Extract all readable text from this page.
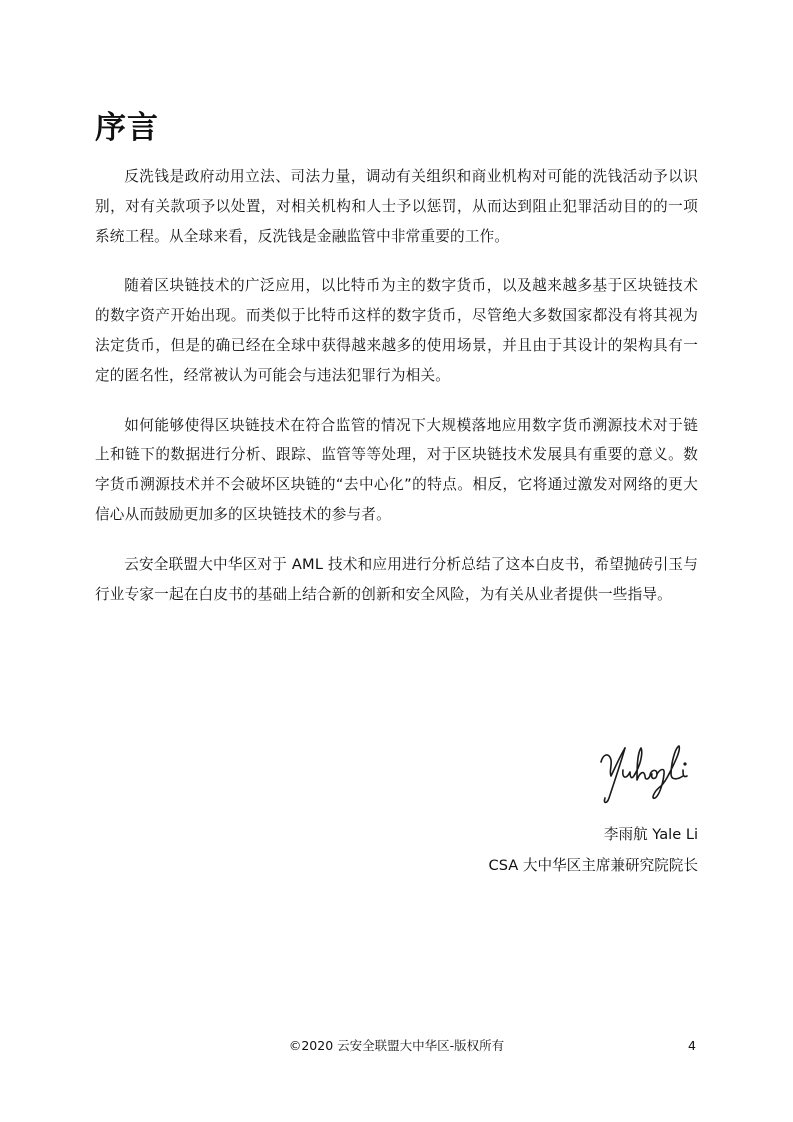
序言

反洗钱是政府动用立法、司法力量，调动有关组织和商业机构对可能的洗钱活动予以识别，对有关款项予以处置，对相关机构和人士予以惩罚，从而达到阻止犯罪活动目的的一项系统工程。从全球来看，反洗钱是金融监管中非常重要的工作。

随着区块链技术的广泛应用，以比特币为主的数字货币，以及越来越多基于区块链技术的数字资产开始出现。而类似于比特币这样的数字货币，尽管绝大多数国家都没有将其视为法定货币，但是的确已经在全球中获得越来越多的使用场景，并且由于其设计的架构具有一定的匿名性，经常被认为可能会与违法犯罪行为相关。

如何能够使得区块链技术在符合监管的情况下大规模落地应用数字货币溯源技术对于链上和链下的数据进行分析、跟踪、监管等等处理，对于区块链技术发展具有重要的意义。数字货币溯源技术并不会破坏区块链的“去中心化”的特点。相反，它将通过激发对网络的更大信心从而鼓励更加多的区块链技术的参与者。

云安全联盟大中华区对于 AML 技术和应用进行分析总结了这本白皮书，希望抛砖引玉与行业专家一起在白皮书的基础上结合新的创新和安全风险，为有关从业者提供一些指导。

李雨航 Yale Li
CSA 大中华区主席兼研究院院长
©2020 云安全联盟大中华区-版权所有	4
